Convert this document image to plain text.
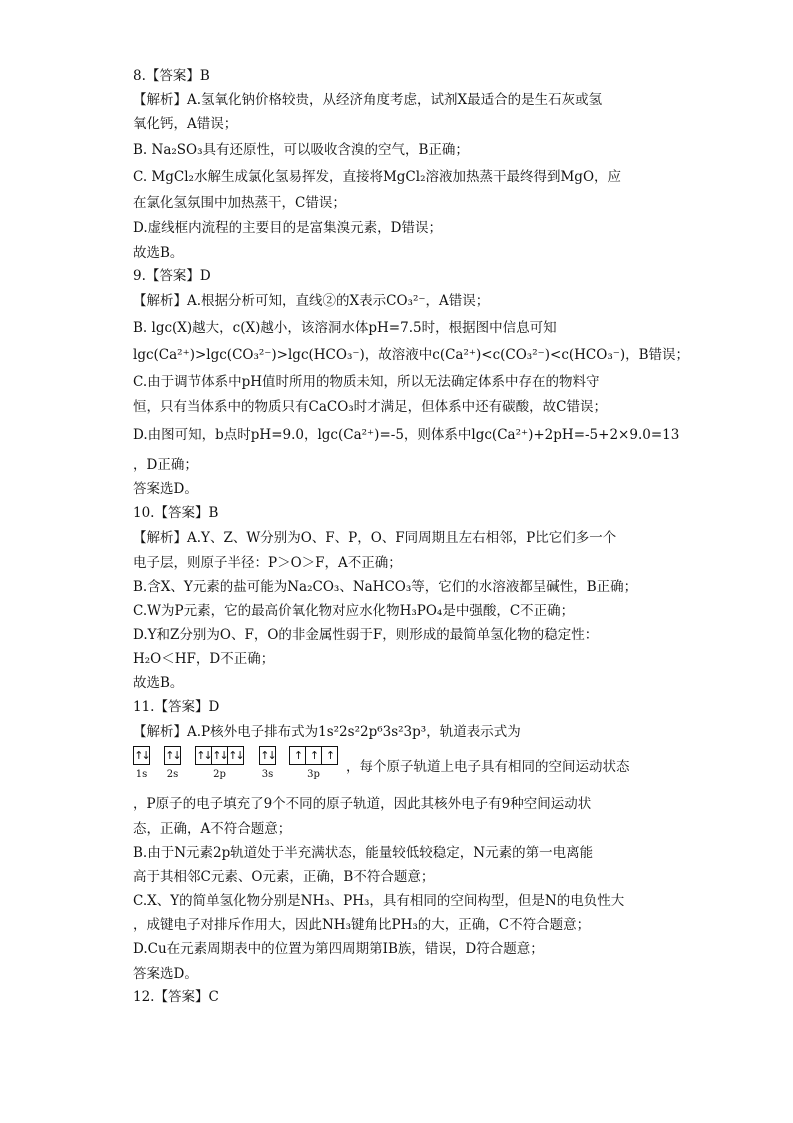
8.【答案】B
【解析】A.氢氧化钠价格较贵，从经济角度考虑，试剂X最适合的是生石灰或氢
氧化钙，A错误；
B. Na₂SO₃具有还原性，可以吸收含溴的空气，B正确；
C. MgCl₂水解生成氯化氢易挥发，直接将MgCl₂溶液加热蒸干最终得到MgO，应
在氯化氢氛围中加热蒸干，C错误；
D.虚线框内流程的主要目的是富集溴元素，D错误；
故选B。
9.【答案】D
【解析】A.根据分析可知，直线②的X表示CO₃²⁻，A错误；
B. lgc(X)越大，c(X)越小，该溶洞水体pH=7.5时，根据图中信息可知
lgc(Ca²⁺)>lgc(CO₃²⁻)>lgc(HCO₃⁻)，故溶液中c(Ca²⁺)<c(CO₃²⁻)<c(HCO₃⁻)，B错误；
C.由于调节体系中pH值时所用的物质未知，所以无法确定体系中存在的物料守
恒，只有当体系中的物质只有CaCO₃时才满足，但体系中还有碳酸，故C错误；
D.由图可知，b点时pH=9.0，lgc(Ca²⁺)=-5，则体系中lgc(Ca²⁺)+2pH=-5+2×9.0=13
，D正确；
答案选D。
10.【答案】B
【解析】A.Y、Z、W分别为O、F、P，O、F同周期且左右相邻，P比它们多一个
电子层，则原子半径：P＞O＞F，A不正确；
B.含X、Y元素的盐可能为Na₂CO₃、NaHCO₃等，它们的水溶液都呈碱性，B正确；
C.W为P元素，它的最高价氧化物对应水化物H₃PO₄是中强酸，C不正确；
D.Y和Z分别为O、F，O的非金属性弱于F，则形成的最简单氢化物的稳定性：
H₂O＜HF，D不正确；
故选B。
11.【答案】D
【解析】A.P核外电子排布式为1s²2s²2p⁶3s²3p³，轨道表示式为
↑↓
1s
↑↓
2s
↑↓ ↑↓ ↑↓
2p
↑↓
3s
↑ ↑ ↑
3p	，每个原子轨道上电子具有相同的空间运动状态
，P原子的电子填充了9个不同的原子轨道，因此其核外电子有9种空间运动状
态，正确，A不符合题意；
B.由于N元素2p轨道处于半充满状态，能量较低较稳定，N元素的第一电离能
高于其相邻C元素、O元素，正确，B不符合题意；
C.X、Y的简单氢化物分别是NH₃、PH₃，具有相同的空间构型，但是N的电负性大
，成键电子对排斥作用大，因此NH₃键角比PH₃的大，正确，C不符合题意；
D.Cu在元素周期表中的位置为第四周期第IB族，错误，D符合题意；
答案选D。
12.【答案】C
